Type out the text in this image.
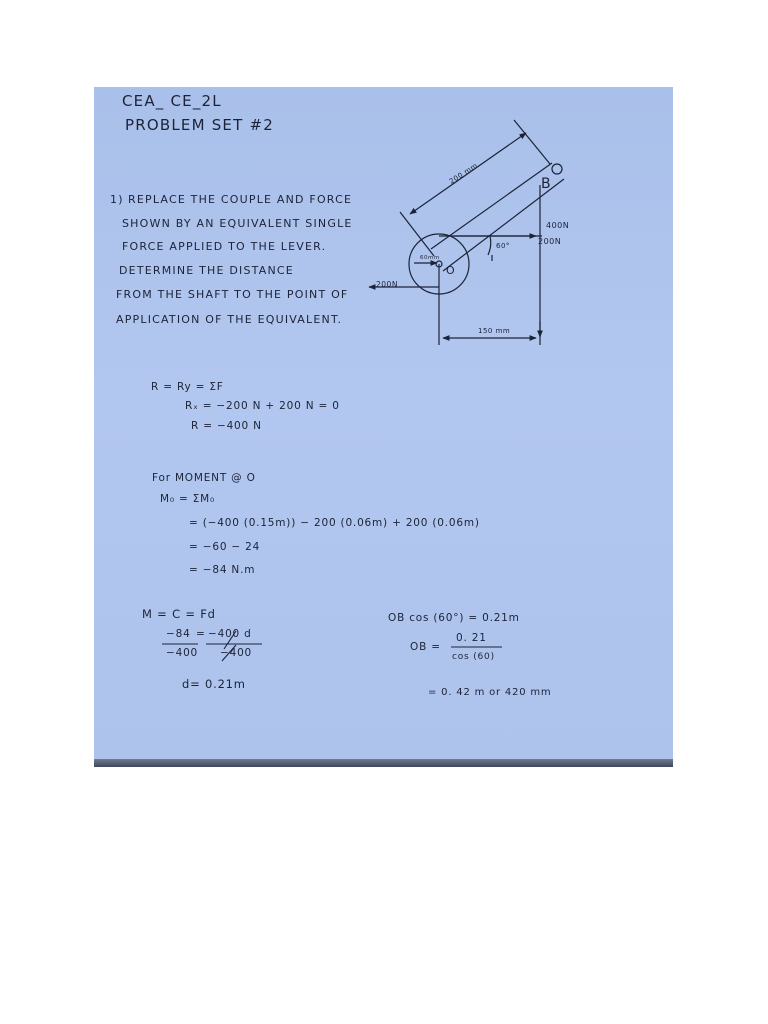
CEA_ CE_2L

PROBLEM SET #2

1) REPLACE THE COUPLE AND FORCE

SHOWN BY AN EQUIVALENT SINGLE

FORCE APPLIED TO THE LEVER.

DETERMINE THE DISTANCE

FROM THE SHAFT TO THE POINT OF

APPLICATION OF THE EQUIVALENT.

B

O

200 mm

60mm

60°

400N

200N

200N

150 mm

R = Ry = ΣF

Rₓ = −200 N + 200 N = 0

R = −400 N

For MOMENT @ O

M₀ = ΣM₀

= (−400 (0.15m)) − 200 (0.06m) + 200 (0.06m)

= −60 − 24

= −84 N.m

M = C = Fd

−84 = −400 d

−400 −400

d= 0.21m

OB cos (60°) = 0.21m

OB =

0. 21

cos (60)

= 0. 42 m or 420 mm
